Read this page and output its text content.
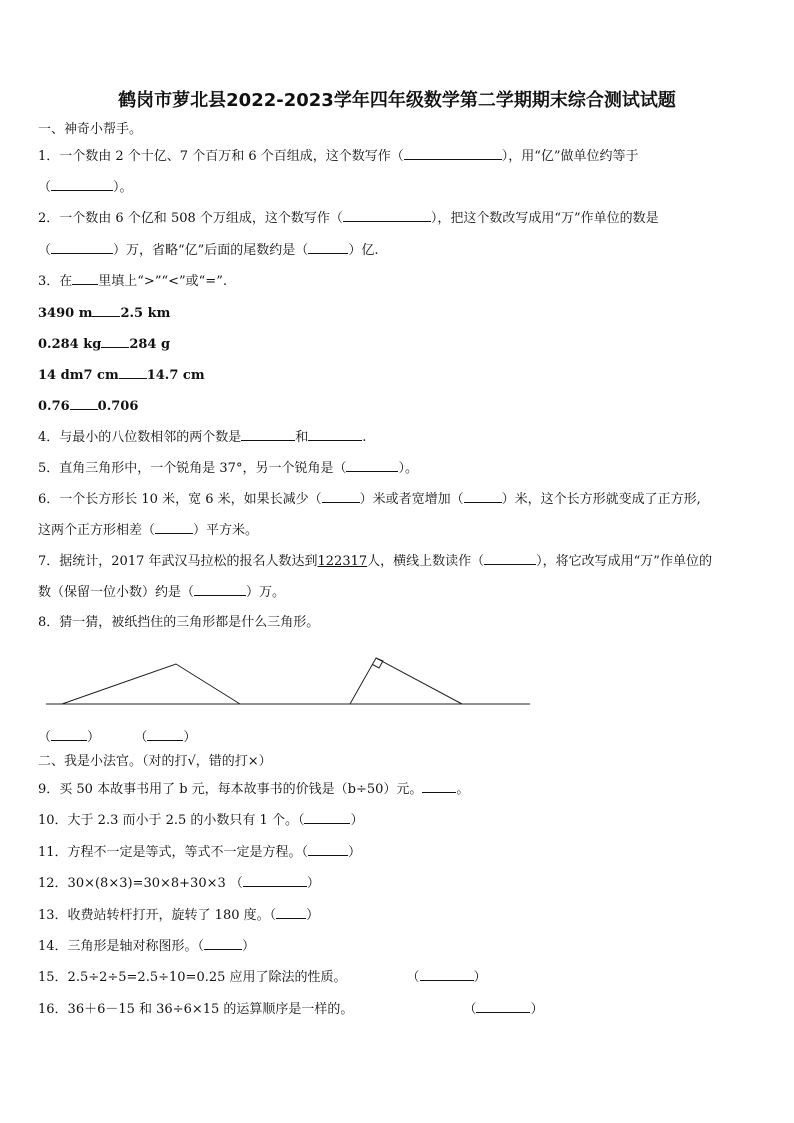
鹤岗市萝北县2022-2023学年四年级数学第二学期期末综合测试试题
一、神奇小帮手。
1．一个数由 2 个十亿、7 个百万和 6 个百组成，这个数写作（	），用“亿”做单位约等于
（	）。
2．一个数由 6 个亿和 508 个万组成，这个数写作（	），把这个数改写成用“万”作单位的数是
（	）万，省略“亿”后面的尾数约是（	）亿.
3．在 里填上“>”“<”或“=”.
3490 m 2.5 km
0.284 kg 284 g
14 dm7 cm 14.7 cm
0.76 0.706
4．与最小的八位数相邻的两个数是	和	.
5．直角三角形中，一个锐角是 37°，另一个锐角是（	）。
6．一个长方形长 10 米，宽 6 米，如果长减少（	）米或者宽增加（	）米，这个长方形就变成了正方形,
这两个正方形相差（	）平方米。
7．据统计，2017 年武汉马拉松的报名人数达到122317人，横线上数读作（	），将它改写成用“万”作单位的
数（保留一位小数）约是（	）万。
8．猜一猜，被纸挡住的三角形都是什么三角形。
（	）	（	）
二、我是小法官。（对的打√，错的打×）
9．买 50 本故事书用了 b 元，每本故事书的价钱是（b÷50）元。	。
10．大于 2.3 而小于 2.5 的小数只有 1 个。（	）
11．方程不一定是等式，等式不一定是方程。（	）
12．30×(8×3)=30×8+30×3 （	）
13．收费站转杆打开，旋转了 180 度。（ ）
14．三角形是轴对称图形。（	）
15．2.5÷2÷5=2.5÷10=0.25 应用了除法的性质。	（	）
16．36＋6－15 和 36÷6×15 的运算顺序是一样的。	（	）
